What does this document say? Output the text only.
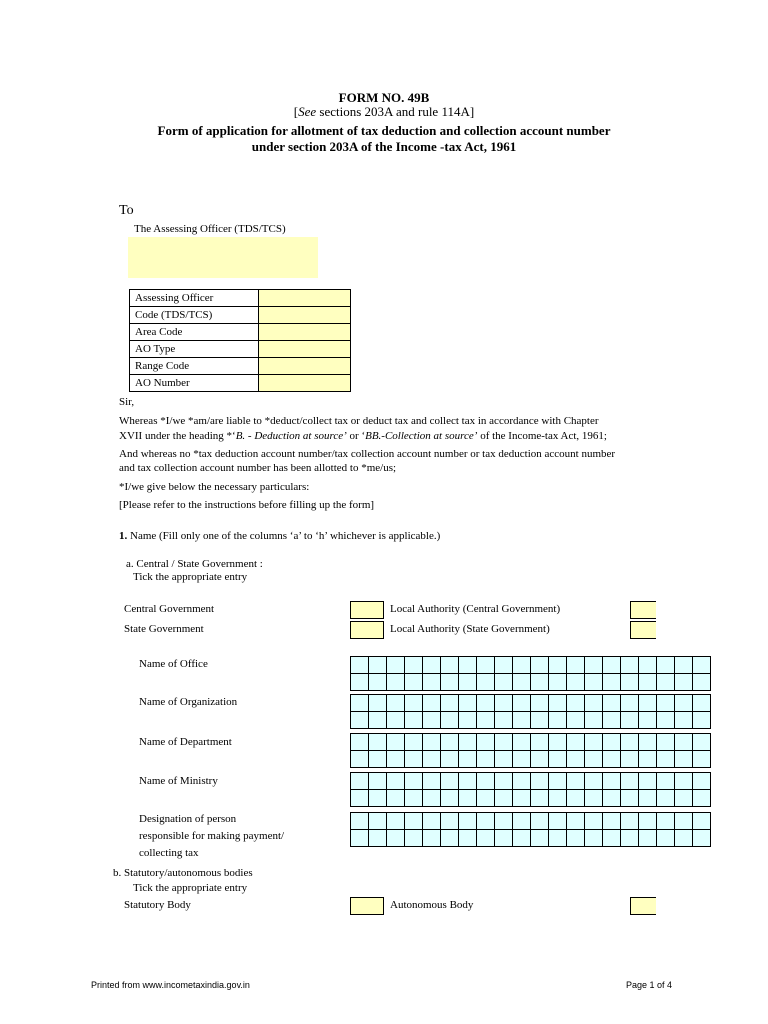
FORM NO. 49B
[See sections 203A and rule 114A]
Form of application for allotment of tax deduction and collection account number
under section 203A of the Income -tax Act, 1961
To
The Assessing Officer (TDS/TCS)
Assessing Officer	
Code (TDS/TCS)	
Area Code	
AO Type	
Range Code	
AO Number	
Sir,
Whereas *I/we *am/are liable to *deduct/collect tax or deduct tax and collect tax in accordance with Chapter
XVII under the heading *‘B. - Deduction at source’ or ‘BB.-Collection at source’ of the Income-tax Act, 1961;
And whereas no *tax deduction account number/tax collection account number or tax deduction account number
and tax collection account number has been allotted to *me/us;
*I/we give below the necessary particulars:
[Please refer to the instructions before filling up the form]
1. Name (Fill only one of the columns ‘a’ to ‘h’ whichever is applicable.)
a. Central / State Government :
Tick the appropriate entry
Central Government	Local Authority (Central Government)
State Government	Local Authority (State Government)
Name of Office
Name of Organization
Name of Department
Name of Ministry
Designation of person
responsible for making payment/
collecting tax

b. Statutory/autonomous bodies
Tick the appropriate entry
Statutory Body	Autonomous Body
Printed from www.incometaxindia.gov.in	Page 1 of 4
